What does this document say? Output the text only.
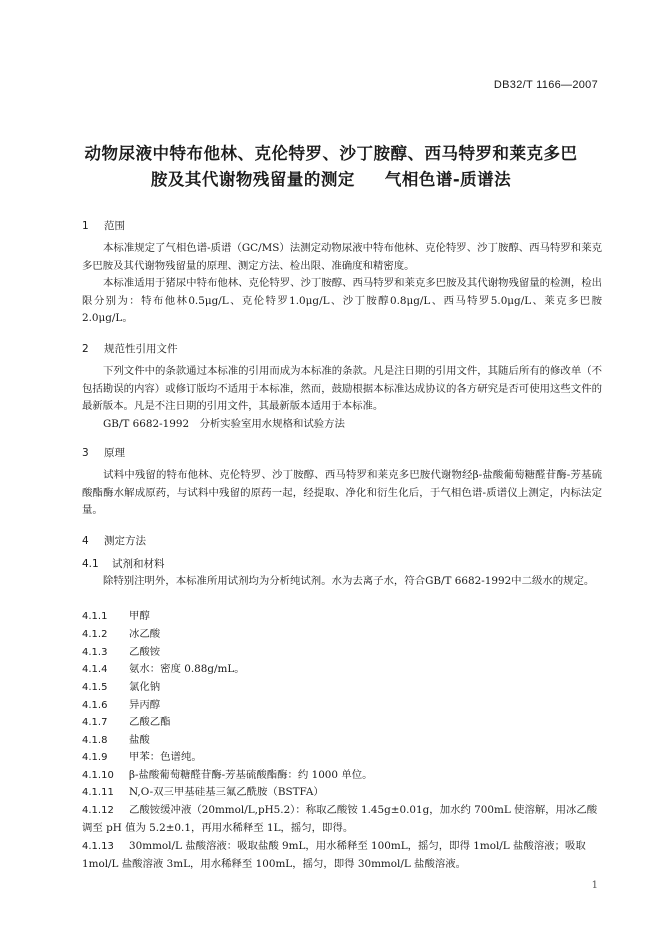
DB32/T 1166—2007
动物尿液中特布他林、克伦特罗、沙丁胺醇、西马特罗和莱克多巴
胺及其代谢物残留量的测定 气相色谱-质谱法
1 范围
本标准规定了气相色谱-质谱（GC/MS）法测定动物尿液中特布他林、克伦特罗、沙丁胺醇、西马特罗和莱克多巴胺及其代谢物残留量的原理、测定方法、检出限、准确度和精密度。
本标准适用于猪尿中特布他林、克伦特罗、沙丁胺醇、西马特罗和莱克多巴胺及其代谢物残留量的检测，检出限分别为：特布他林0.5μg/L、克伦特罗1.0μg/L、沙丁胺醇0.8μg/L、西马特罗5.0μg/L、莱克多巴胺2.0μg/L。
2 规范性引用文件
下列文件中的条款通过本标准的引用而成为本标准的条款。凡是注日期的引用文件，其随后所有的修改单（不包括勘误的内容）或修订版均不适用于本标准，然而，鼓励根据本标准达成协议的各方研究是否可使用这些文件的最新版本。凡是不注日期的引用文件，其最新版本适用于本标准。
GB/T 6682-1992　分析实验室用水规格和试验方法
3 原理
试料中残留的特布他林、克伦特罗、沙丁胺醇、西马特罗和莱克多巴胺代谢物经β-盐酸葡萄糖醛苷酶-芳基硫酸酯酶水解成原药，与试料中残留的原药一起，经提取、净化和衍生化后，于气相色谱-质谱仪上测定，内标法定量。
4 测定方法
4.1 试剂和材料
除特别注明外，本标准所用试剂均为分析纯试剂。水为去离子水，符合GB/T 6682-1992中二级水的规定。
4.1.1 甲醇
4.1.2 冰乙酸
4.1.3 乙酸铵
4.1.4 氨水：密度 0.88g/mL。
4.1.5 氯化钠
4.1.6 异丙醇
4.1.7 乙酸乙酯
4.1.8 盐酸
4.1.9 甲苯：色谱纯。
4.1.10 β-盐酸葡萄糖醛苷酶-芳基硫酸酯酶：约 1000 单位。
4.1.11 N,O-双三甲基硅基三氟乙酰胺（BSTFA）
4.1.12 乙酸铵缓冲液（20mmol/L,pH5.2）：称取乙酸铵 1.45g±0.01g，加水约 700mL 使溶解，用冰乙酸调至 pH 值为 5.2±0.1，再用水稀释至 1L，摇匀，即得。
4.1.13 30mmol/L 盐酸溶液：吸取盐酸 9mL，用水稀释至 100mL，摇匀，即得 1mol/L 盐酸溶液；吸取 1mol/L 盐酸溶液 3mL，用水稀释至 100mL，摇匀，即得 30mmol/L 盐酸溶液。
1
